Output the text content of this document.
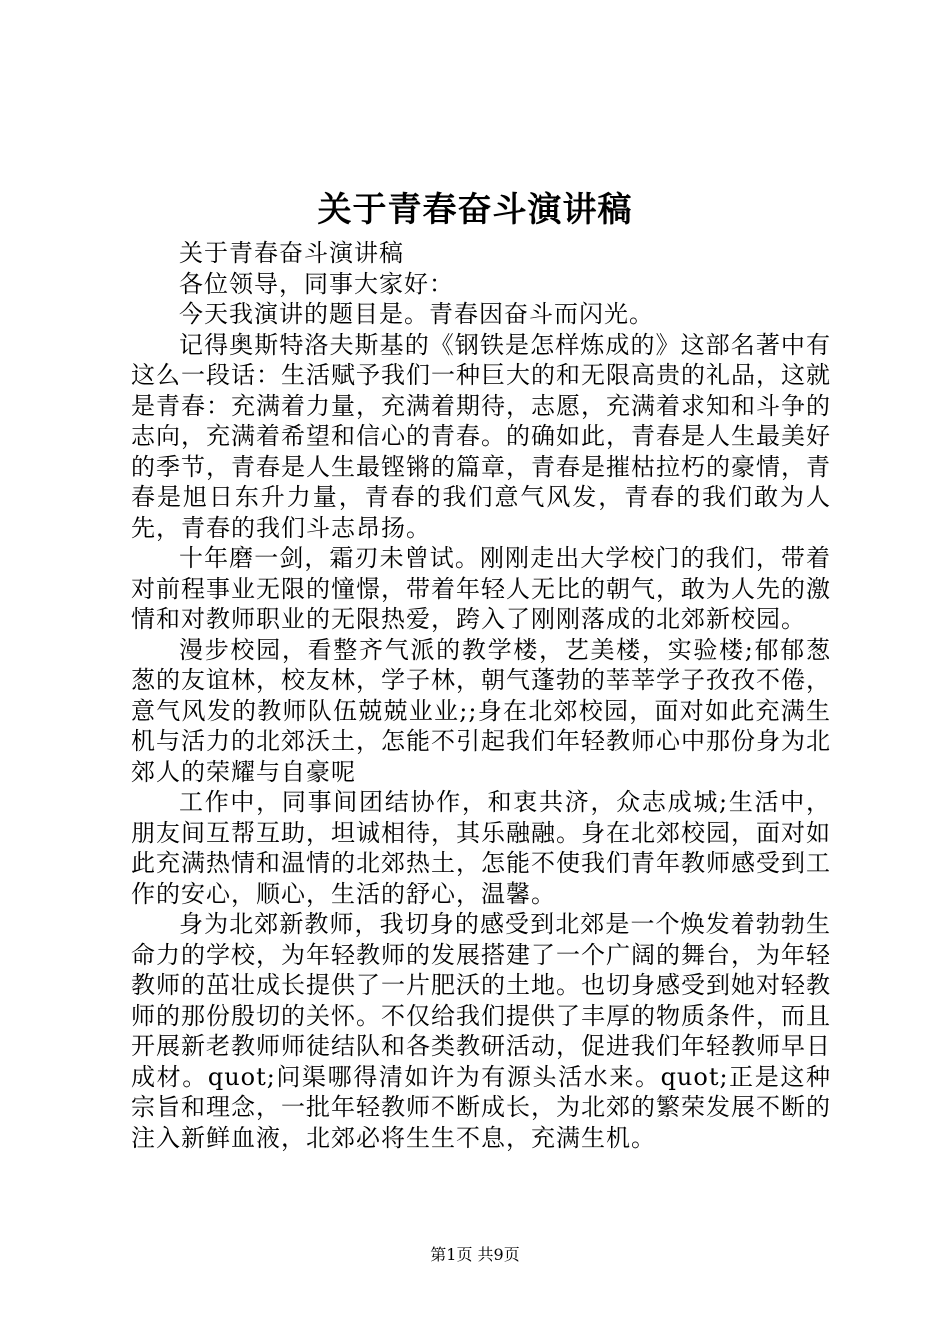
关于青春奋斗演讲稿

关于青春奋斗演讲稿

各位领导，同事大家好：

今天我演讲的题目是。青春因奋斗而闪光。

记得奥斯特洛夫斯基的《钢铁是怎样炼成的》这部名著中有这么一段话：生活赋予我们一种巨大的和无限高贵的礼品，这就是青春：充满着力量，充满着期待，志愿，充满着求知和斗争的志向，充满着希望和信心的青春。的确如此，青春是人生最美好的季节，青春是人生最铿锵的篇章，青春是摧枯拉朽的豪情，青春是旭日东升力量，青春的我们意气风发，青春的我们敢为人先，青春的我们斗志昂扬。

十年磨一剑，霜刃未曾试。刚刚走出大学校门的我们，带着对前程事业无限的憧憬，带着年轻人无比的朝气，敢为人先的激情和对教师职业的无限热爱，跨入了刚刚落成的北郊新校园。

漫步校园，看整齐气派的教学楼，艺美楼，实验楼;郁郁葱葱的友谊林，校友林，学子林，朝气蓬勃的莘莘学子孜孜不倦，意气风发的教师队伍兢兢业业;;身在北郊校园，面对如此充满生机与活力的北郊沃土，怎能不引起我们年轻教师心中那份身为北郊人的荣耀与自豪呢

工作中，同事间团结协作，和衷共济，众志成城;生活中，朋友间互帮互助，坦诚相待，其乐融融。身在北郊校园，面对如此充满热情和温情的北郊热土，怎能不使我们青年教师感受到工作的安心，顺心，生活的舒心，温馨。

身为北郊新教师，我切身的感受到北郊是一个焕发着勃勃生命力的学校，为年轻教师的发展搭建了一个广阔的舞台，为年轻教师的茁壮成长提供了一片肥沃的土地。也切身感受到她对轻教师的那份殷切的关怀。不仅给我们提供了丰厚的物质条件，而且开展新老教师师徒结队和各类教研活动，促进我们年轻教师早日成材。quot;问渠哪得清如许为有源头活水来。quot;正是这种宗旨和理念，一批年轻教师不断成长，为北郊的繁荣发展不断的注入新鲜血液，北郊必将生生不息，充满生机。

第1页 共9页
